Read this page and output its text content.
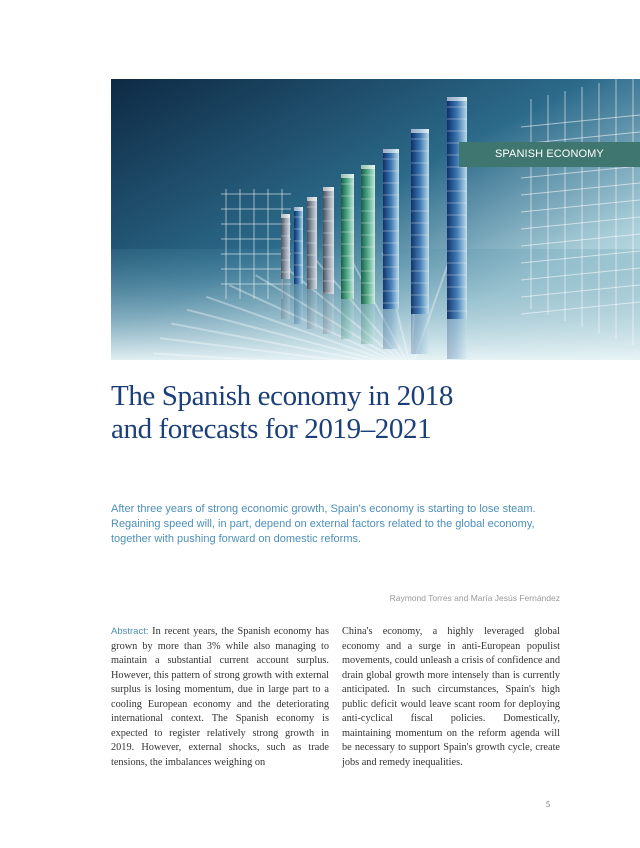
SPANISH ECONOMY
The Spanish economy in 2018
and forecasts for 2019–2021

After three years of strong economic growth, Spain's economy is starting to lose steam. Regaining speed will, in part, depend on external factors related to the global economy, together with pushing forward on domestic reforms.

Raymond Torres and María Jesús Fernández

Abstract: In recent years, the Spanish economy has grown by more than 3% while also managing to maintain a substantial current account surplus. However, this pattern of strong growth with external surplus is losing momentum, due in large part to a cooling European economy and the deteriorating international context. The Spanish economy is expected to register relatively strong growth in 2019. However, external shocks, such as trade tensions, the imbalances weighing on

China's economy, a highly leveraged global economy and a surge in anti-European populist movements, could unleash a crisis of confidence and drain global growth more intensely than is currently anticipated. In such circumstances, Spain's high public deficit would leave scant room for deploying anti-cyclical fiscal policies. Domestically, maintaining momentum on the reform agenda will be necessary to support Spain's growth cycle, create jobs and remedy inequalities.

5
